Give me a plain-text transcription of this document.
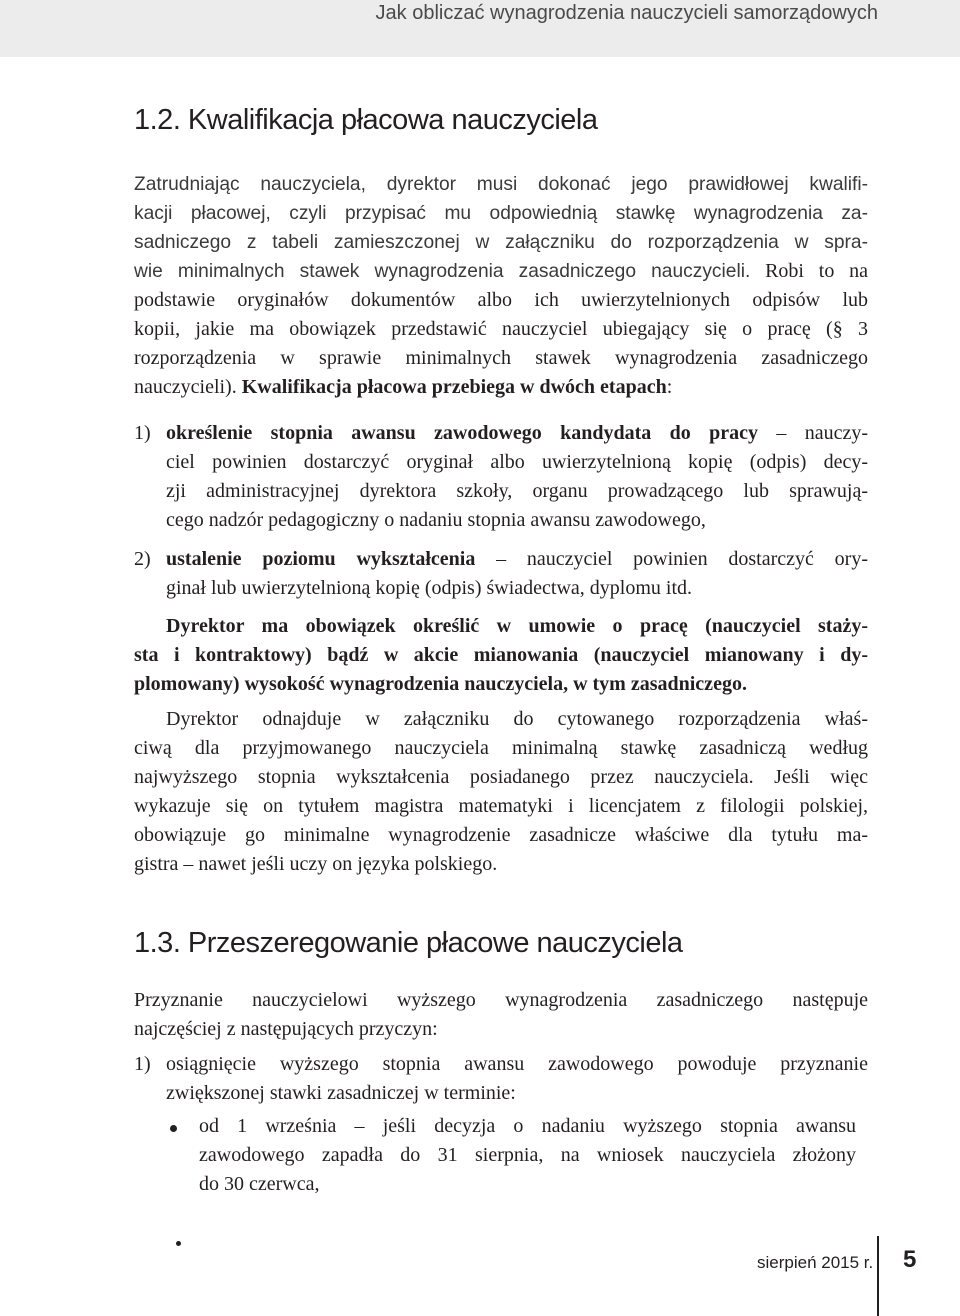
Jak obliczać wynagrodzenia nauczycieli samorządowych
1.2. Kwalifikacja płacowa nauczyciela
Zatrudniając nauczyciela, dyrektor musi dokonać jego prawidłowej kwalifi-
kacji płacowej, czyli przypisać mu odpowiednią stawkę wynagrodzenia za-
sadniczego z tabeli zamieszczonej w załączniku do rozporządzenia w spra-
wie minimalnych stawek wynagrodzenia zasadniczego nauczycieli. Robi to na
podstawie oryginałów dokumentów albo ich uwierzytelnionych odpisów lub
kopii, jakie ma obowiązek przedstawić nauczyciel ubiegający się o pracę (§ 3
rozporządzenia w sprawie minimalnych stawek wynagrodzenia zasadniczego
nauczycieli). Kwalifikacja płacowa przebiega w dwóch etapach:
1) określenie stopnia awansu zawodowego kandydata do pracy – nauczy-
ciel powinien dostarczyć oryginał albo uwierzytelnioną kopię (odpis) decy-
zji administracyjnej dyrektora szkoły, organu prowadzącego lub sprawują-
cego nadzór pedagogiczny o nadaniu stopnia awansu zawodowego,
2) ustalenie poziomu wykształcenia – nauczyciel powinien dostarczyć ory-
ginał lub uwierzytelnioną kopię (odpis) świadectwa, dyplomu itd.
Dyrektor ma obowiązek określić w umowie o pracę (nauczyciel staży-
sta i kontraktowy) bądź w akcie mianowania (nauczyciel mianowany i dy-
plomowany) wysokość wynagrodzenia nauczyciela, w tym zasadniczego.
Dyrektor odnajduje w załączniku do cytowanego rozporządzenia właś-
ciwą dla przyjmowanego nauczyciela minimalną stawkę zasadniczą według
najwyższego stopnia wykształcenia posiadanego przez nauczyciela. Jeśli więc
wykazuje się on tytułem magistra matematyki i licencjatem z filologii polskiej,
obowiązuje go minimalne wynagrodzenie zasadnicze właściwe dla tytułu ma-
gistra – nawet jeśli uczy on języka polskiego.
1.3. Przeszeregowanie płacowe nauczyciela
Przyznanie nauczycielowi wyższego wynagrodzenia zasadniczego następuje
najczęściej z następujących przyczyn:
1) osiągnięcie wyższego stopnia awansu zawodowego powoduje przyznanie
zwiększonej stawki zasadniczej w terminie:
od 1 września – jeśli decyzja o nadaniu wyższego stopnia awansu
zawodowego zapadła do 31 sierpnia, na wniosek nauczyciela złożony
do 30 czerwca,
sierpień 2015 r. 5
